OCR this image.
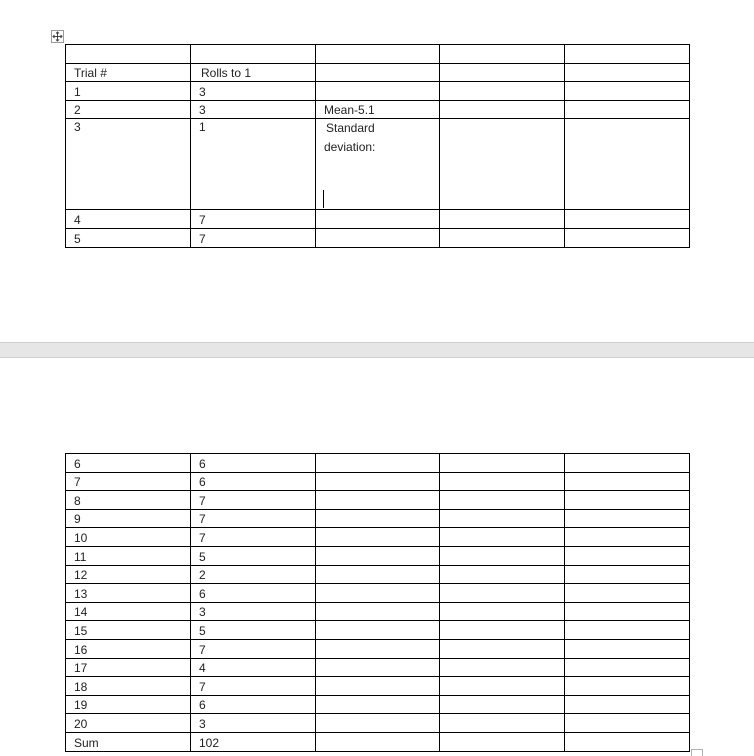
Trial #	Rolls to 1			
1	3			
2	3	Mean-5.1		
3	1	Standard
deviation:		

4	7			
5	7			
6	6			
7	6			
8	7			
9	7			
10	7			
11	5			
12	2			
13	6			
14	3			
15	5			
16	7			
17	4			
18	7			
19	6			
20	3			
Sum	102			
